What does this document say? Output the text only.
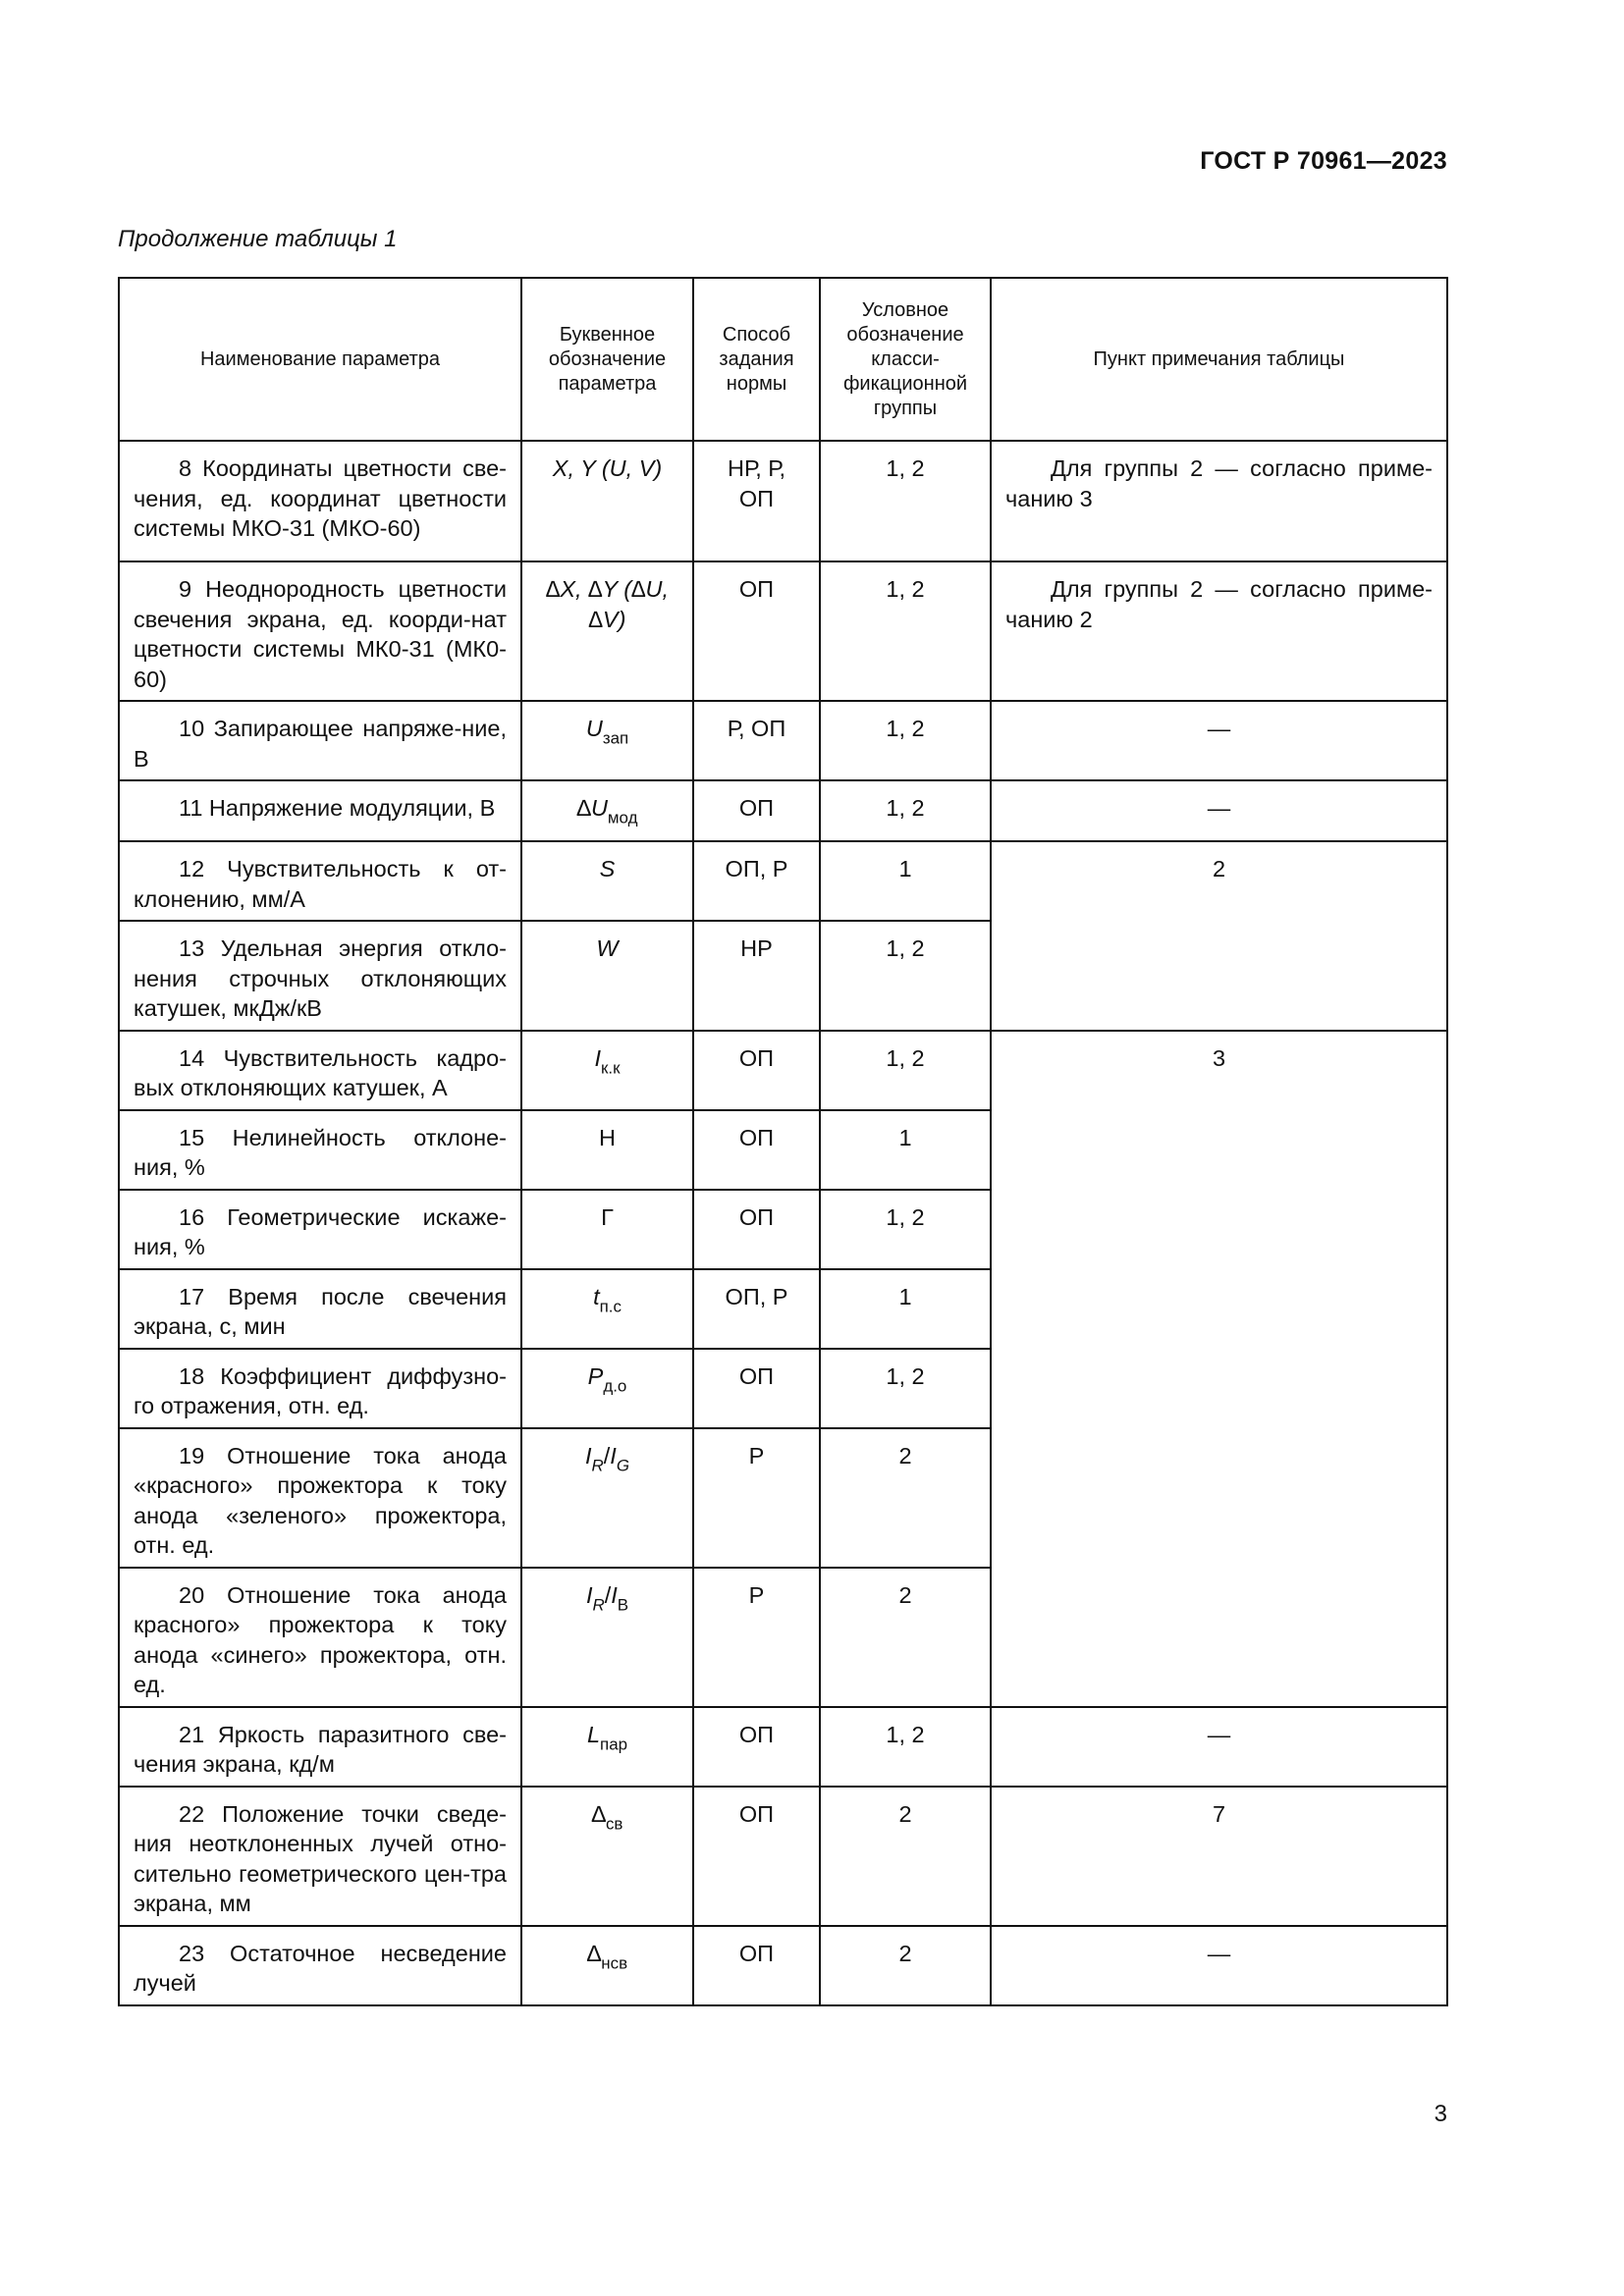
ГОСТ Р 70961—2023
Продолжение таблицы 1
Наименование параметра	Буквенное обозначение параметра	Способ задания нормы	Условное обозначение класси-фикационной группы	Пункт примечания таблицы
8 Координаты цветности све-чения, ед. координат цветности системы МКО-31 (МКО-60)	X, Y (U, V)	НР, Р, ОП	1, 2	Для группы 2 — согласно приме-чанию 3
9 Неоднородность цветности свечения экрана, ед. коорди-нат цветности системы МК0-31 (МК0-60)	∆X, ∆Y (∆U, ∆V)	ОП	1, 2	Для группы 2 — согласно приме-чанию 2
10 Запирающее напряже-ние, В	$U_{зап}$	Р, ОП	1, 2	—
11 Напряжение модуляции, В	$\Delta U_{мод}$	ОП	1, 2	—
12 Чувствительность к от-клонению, мм/А	S	ОП, Р	1	2
13 Удельная энергия откло-нения строчных отклоняющих катушек, мкДж/кВ	W	НР	1, 2	
14 Чувствительность кадро-вых отклоняющих катушек, А	$I_{к.к}$	ОП	1, 2	3
15 Нелинейность отклоне-ния, %	Н	ОП	1	
16 Геометрические искаже-ния, %	Г	ОП	1, 2	
17 Время после свечения экрана, с, мин	$t_{п.с}$	ОП, Р	1	
18 Коэффициент диффузно-го отражения, отн. ед.	$P_{д.о}$	ОП	1, 2	
19 Отношение тока анода «красного» прожектора к току анода «зеленого» прожектора, отн. ед.	$I_R/I_G$	Р	2	
20 Отношение тока анода красного» прожектора к току анода «синего» прожектора, отн. ед.	$I_R/I_B$	Р	2	
21 Яркость паразитного све-чения экрана, кд/м	$L_{пар}$	ОП	1, 2	—
22 Положение точки сведе-ния неотклоненных лучей отно-сительно геометрического цен-тра экрана, мм	$\Delta_{св}$	ОП	2	7
23 Остаточное несведение лучей	$\Delta_{нсв}$	ОП	2	—
3
